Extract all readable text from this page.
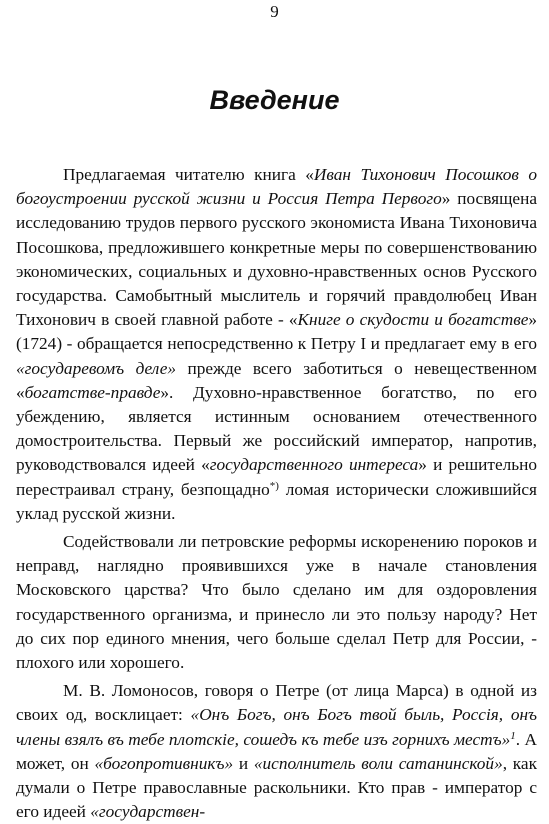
9
Введение

Предлагаемая читателю книга «Иван Тихонович Посошков о богоустроении русской жизни и Россия Петра Первого» посвящена исследованию трудов первого русского экономиста Ивана Тихоновича Посошкова, предложившего конкретные меры по совершенствованию экономических, социальных и духовно-нравственных основ Русского государства. Самобытный мыслитель и горячий правдолюбец Иван Тихонович в своей главной работе - «Книге о скудости и богатстве» (1724) - обращается непосредственно к Петру I и предлагает ему в его «государевомъ деле» прежде всего заботиться о невещественном «богатстве-правде». Духовно-нравственное богатство, по его убеждению, является истинным основанием отечественного домостроительства. Первый же российский император, напротив, руководствовался идеей «государственного интереса» и решительно перестраивал страну, безпощадно*) ломая исторически сложившийся уклад русской жизни.

Содействовали ли петровские реформы искоренению пороков и неправд, наглядно проявившихся уже в начале становления Московского царства? Что было сделано им для оздоровления государственного организма, и принесло ли это пользу народу? Нет до сих пор единого мнения, чего больше сделал Петр для России, - плохого или хорошего.

М. В. Ломоносов, говоря о Петре (от лица Марса) в одной из своих од, восклицает: «Онъ Богъ, онъ Богъ твой быль, Россія, онъ члены взялъ въ тебе плотскіе, сошедъ къ тебе изъ горнихъ местъ»$^1$. А может, он «богопротивникъ» и «исполнитель воли сатанинской», как думали о Петре православные раскольники. Кто прав - император с его идеей «государствен-
